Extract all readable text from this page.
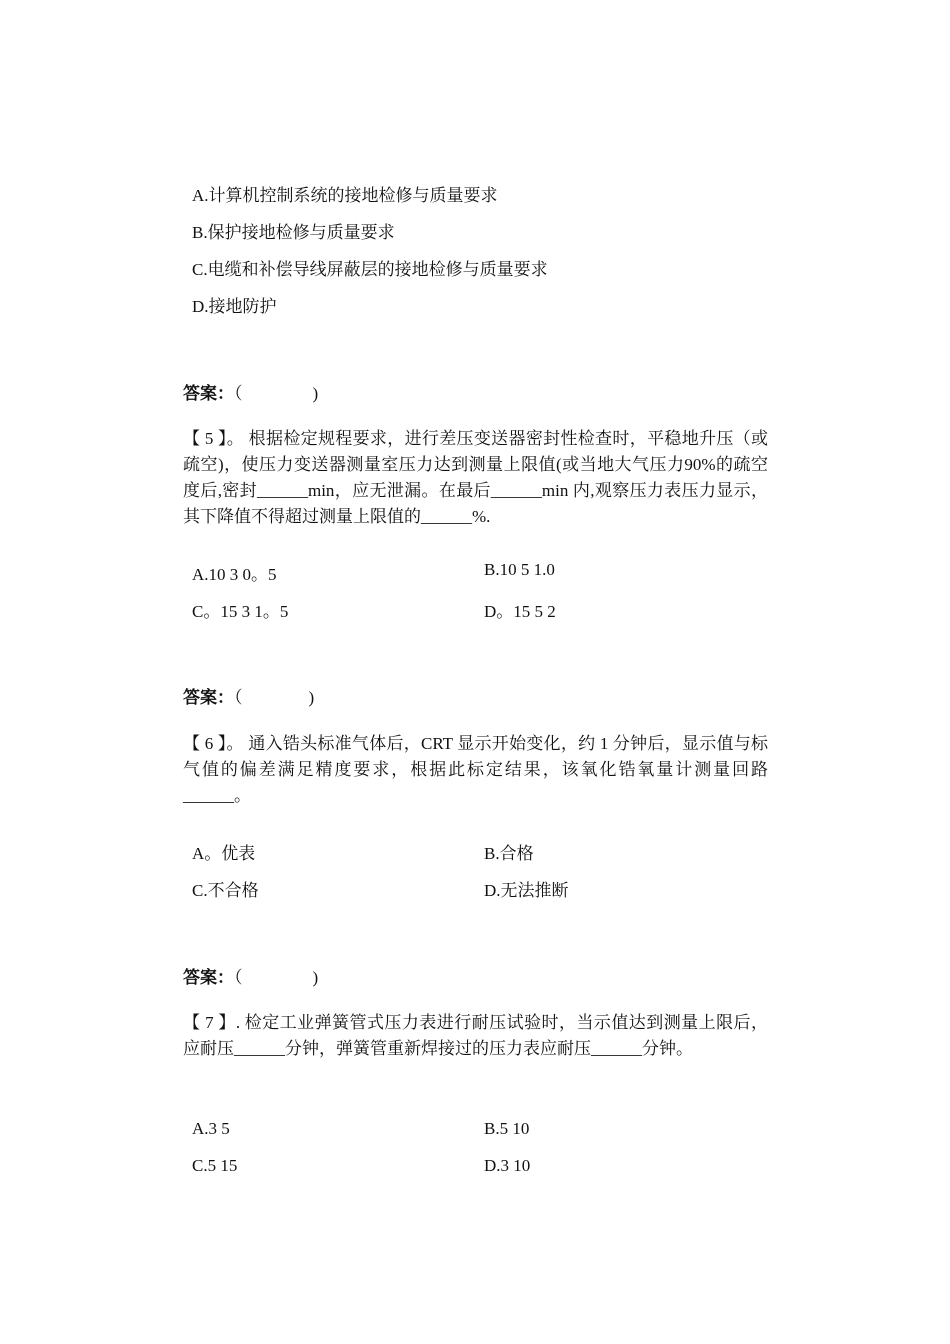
A.计算机控制系统的接地检修与质量要求
B.保护接地检修与质量要求
C.电缆和补偿导线屏蔽层的接地检修与质量要求
D.接地防护
答案：（	)
【 5 】。 根据检定规程要求，进行差压变送器密封性检查时，平稳地升压（或疏空)，使压力变送器测量室压力达到测量上限值(或当地大气压力90%的疏空度后,密封______min，应无泄漏。在最后______min 内,观察压力表压力显示，其下降值不得超过测量上限值的______%.
A.10 3 0。5	B.10 5 1.0
C。15 3 1。5	D。15 5 2
答案：（	)
【 6 】。 通入锆头标准气体后，CRT 显示开始变化，约 1 分钟后，显示值与标气值的偏差满足精度要求，根据此标定结果，该氧化锆氧量计测量回路______。
A。优表	B.合格
C.不合格	D.无法推断
答案：（	)
【 7 】. 检定工业弹簧管式压力表进行耐压试验时，当示值达到测量上限后，应耐压______分钟，弹簧管重新焊接过的压力表应耐压______分钟。
A.3 5	B.5 10
C.5 15	D.3 10
